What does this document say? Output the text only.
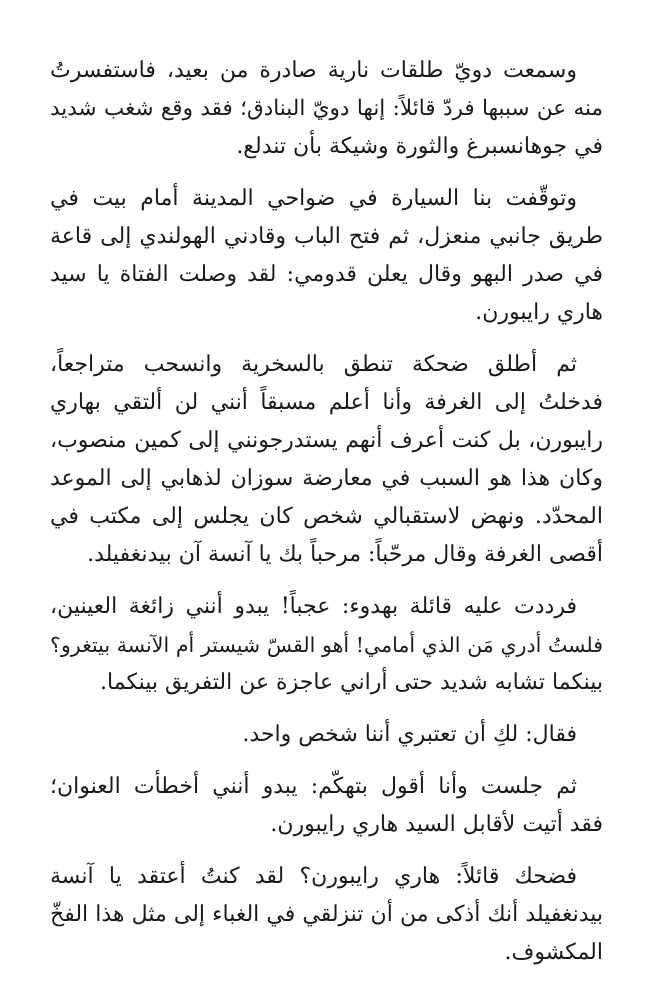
وسمعت دويّ طلقات نارية صادرة من بعيد، فاستفسرتُ
منه عن سببها فردّ قائلاً: إنها دويّ البنادق؛ فقد وقع شغب شديد
في جوهانسبرغ والثورة وشيكة بأن تندلع.

وتوقّفت بنا السيارة في ضواحي المدينة أمام بيت في
طريق جانبي منعزل، ثم فتح الباب وقادني الهولندي إلى قاعة
في صدر البهو وقال يعلن قدومي: لقد وصلت الفتاة يا سيد
هاري رايبورن.

ثم أطلق ضحكة تنطق بالسخرية وانسحب متراجعاً،
فدخلتُ إلى الغرفة وأنا أعلم مسبقاً أنني لن ألتقي بهاري
رايبورن، بل كنت أعرف أنهم يستدرجونني إلى كمين منصوب،
وكان هذا هو السبب في معارضة سوزان لذهابي إلى الموعد
المحدّد. ونهض لاستقبالي شخص كان يجلس إلى مكتب في
أقصى الغرفة وقال مرحّباً: مرحباً بك يا آنسة آن بيدنغفيلد.

فرددت عليه قائلة بهدوء: عجباً! يبدو أنني زائغة العينين،
فلستُ أدري مَن الذي أمامي! أهو القسّ شيستر أم الآنسة بيتغرو؟
بينكما تشابه شديد حتى أراني عاجزة عن التفريق بينكما.

فقال: لكِ أن تعتبري أننا شخص واحد.

ثم جلست وأنا أقول بتهكّم: يبدو أنني أخطأت العنوان؛
فقد أتيت لأقابل السيد هاري رايبورن.

فضحك قائلاً: هاري رايبورن؟ لقد كنتُ أعتقد يا آنسة
بيدنغفيلد أنك أذكى من أن تنزلقي في الغباء إلى مثل هذا الفخّ
المكشوف.
